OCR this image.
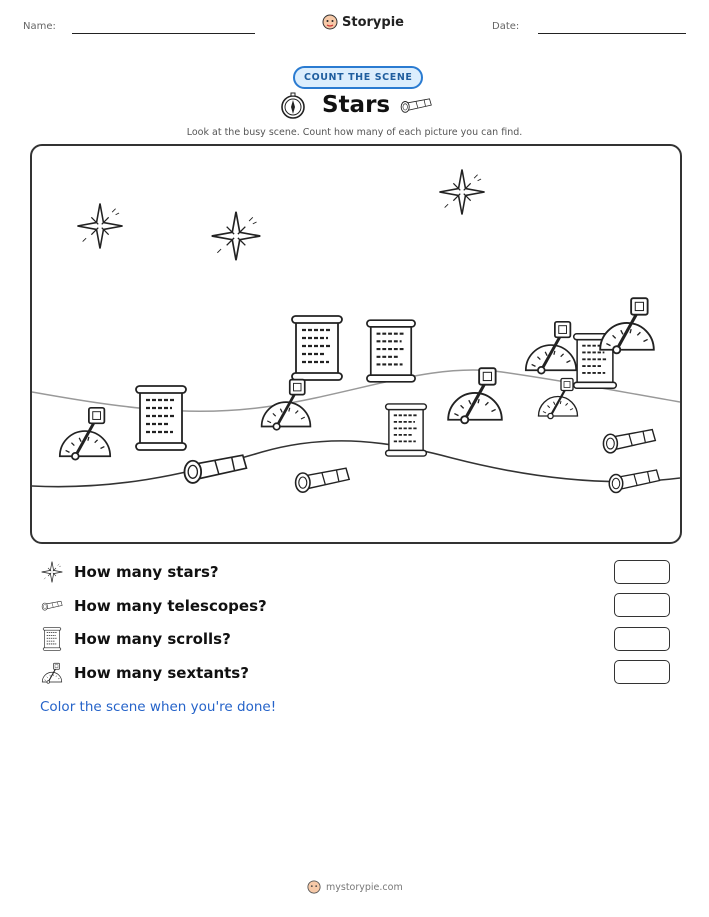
Name:	Storypie	Date:
COUNT THE SCENE
Stars
Look at the busy scene. Count how many of each picture you can find.
How many stars?
How many telescopes?
How many scrolls?
How many sextants?
Color the scene when you're done!
mystorypie.com
